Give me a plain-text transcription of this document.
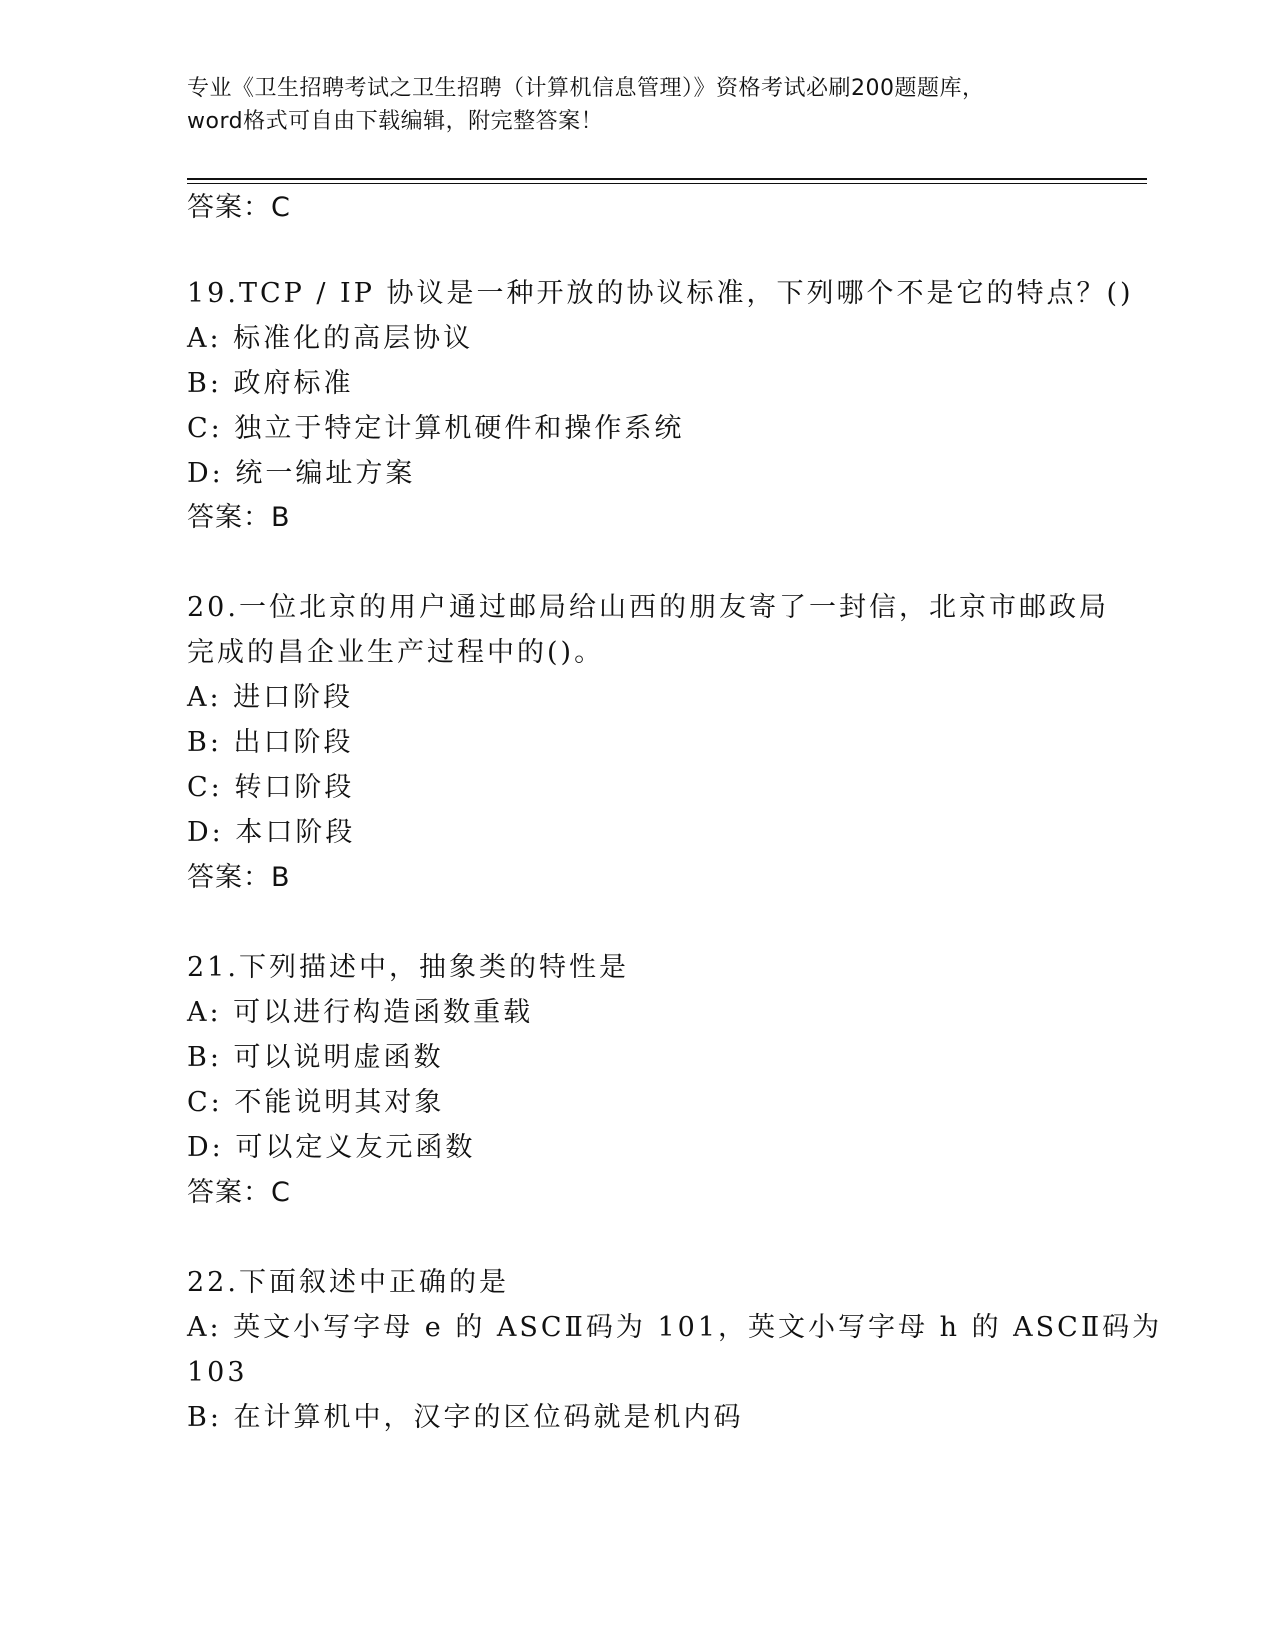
专业《卫生招聘考试之卫生招聘（计算机信息管理）》资格考试必刷200题题库，
word格式可自由下载编辑，附完整答案！
答案：C
19.TCP / IP 协议是一种开放的协议标准，下列哪个不是它的特点？()
A: 标准化的高层协议
B: 政府标准
C: 独立于特定计算机硬件和操作系统
D: 统一编址方案
答案：B
20.一位北京的用户通过邮局给山西的朋友寄了一封信，北京市邮政局
完成的昌企业生产过程中的()。
A: 进口阶段
B: 出口阶段
C: 转口阶段
D: 本口阶段
答案：B
21.下列描述中，抽象类的特性是
A: 可以进行构造函数重载
B: 可以说明虚函数
C: 不能说明其对象
D: 可以定义友元函数
答案：C
22.下面叙述中正确的是
A: 英文小写字母 e 的 ASCⅡ码为 101，英文小写字母 h 的 ASCⅡ码为
103
B: 在计算机中，汉字的区位码就是机内码
